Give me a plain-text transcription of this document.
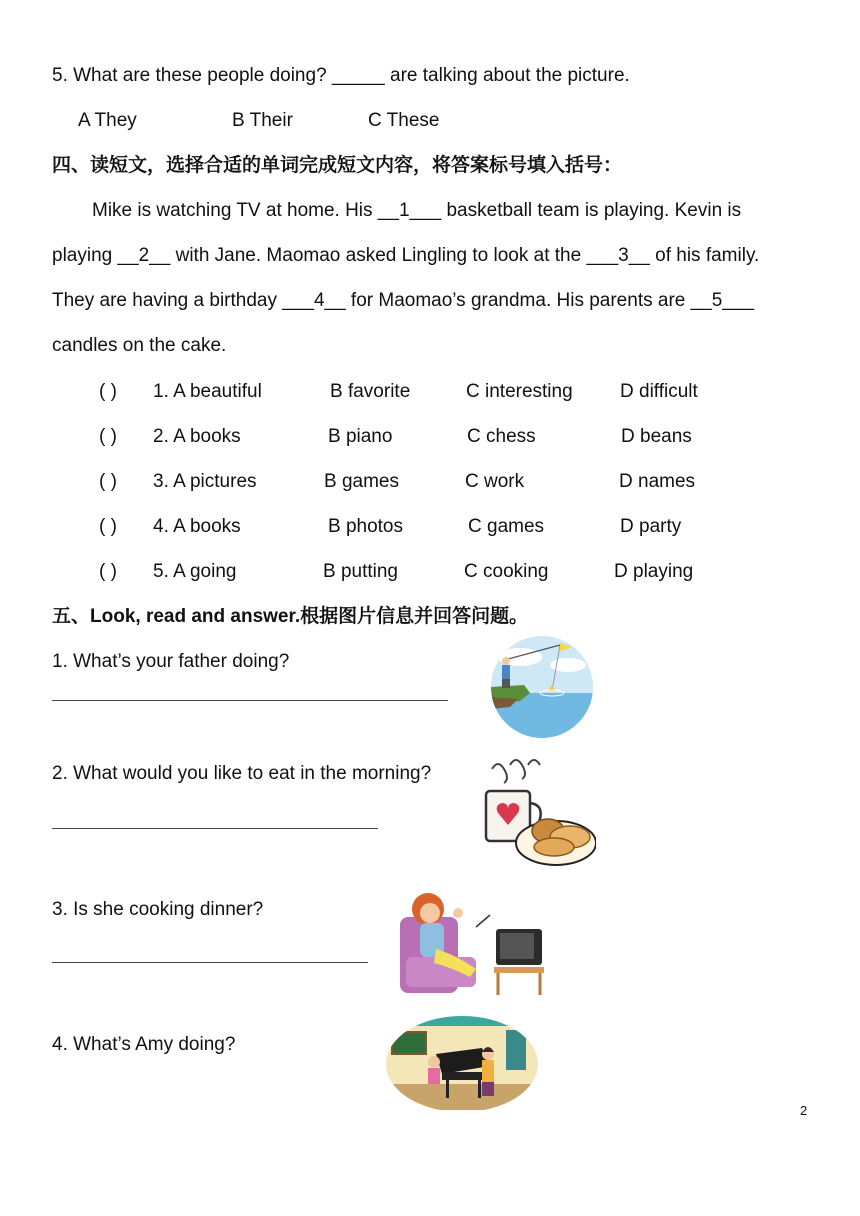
5. What are these people doing? _____ are talking about the picture.
A They	B Their	C These
四、读短文，选择合适的单词完成短文内容，将答案标号填入括号：
Mike is watching TV at home. His __1___ basketball team is playing. Kevin is
playing __2__ with Jane. Maomao asked Lingling to look at the ___3__ of his family.
They are having a birthday ___4__ for Maomao’s grandma. His parents are __5___
candles on the cake.
( ) 1. A beautiful	B favorite	C interesting D difficult
( ) 2. A books	B piano	C chess	D beans
( ) 3. A pictures	B games	C work	D names
( ) 4. A books	B photos	C games	D party
( ) 5. A going	B putting	C cooking	D playing
五、Look, read and answer.根据图片信息并回答问题。
1. What’s your father doing?
2. What would you like to eat in the morning?
3. Is she cooking dinner?
4. What’s Amy doing?
2
